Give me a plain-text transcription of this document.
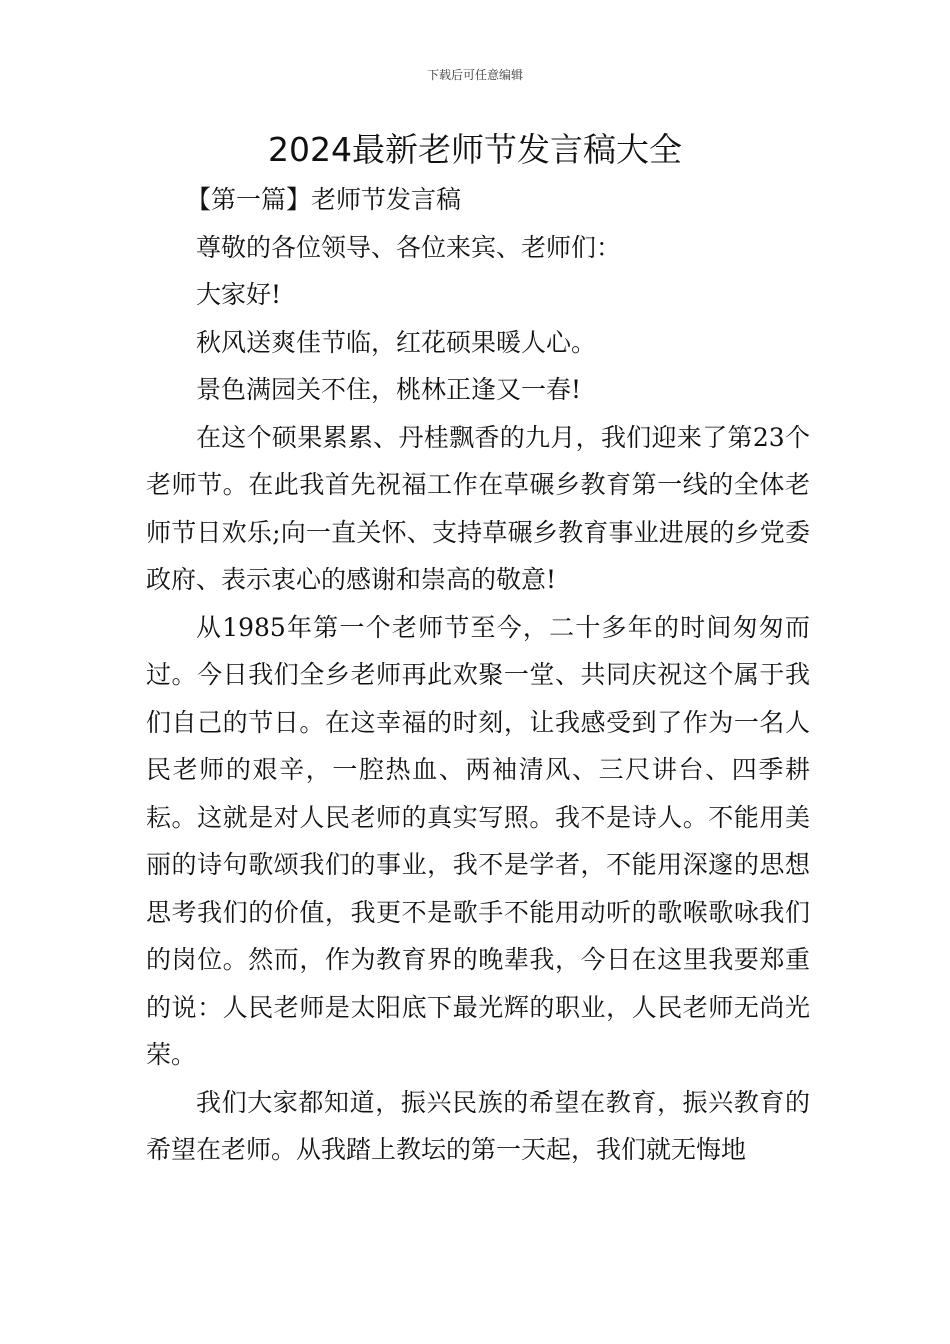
下载后可任意编辑
2024最新老师节发言稿大全

【第一篇】老师节发言稿

尊敬的各位领导、各位来宾、老师们：

大家好!

秋风送爽佳节临，红花硕果暖人心。

景色满园关不住，桃林正逢又一春!

在这个硕果累累、丹桂飘香的九月，我们迎来了第23个老师节。在此我首先祝福工作在草碾乡教育第一线的全体老师节日欢乐;向一直关怀、支持草碾乡教育事业进展的乡党委政府、表示衷心的感谢和崇高的敬意!

从1985年第一个老师节至今，二十多年的时间匆匆而过。今日我们全乡老师再此欢聚一堂、共同庆祝这个属于我们自己的节日。在这幸福的时刻，让我感受到了作为一名人民老师的艰辛，一腔热血、两袖清风、三尺讲台、四季耕耘。这就是对人民老师的真实写照。我不是诗人。不能用美丽的诗句歌颂我们的事业，我不是学者，不能用深邃的思想思考我们的价值，我更不是歌手不能用动听的歌喉歌咏我们的岗位。然而，作为教育界的晚辈我，今日在这里我要郑重的说：人民老师是太阳底下最光辉的职业，人民老师无尚光荣。

我们大家都知道，振兴民族的希望在教育，振兴教育的希望在老师。从我踏上教坛的第一天起，我们就无悔地
